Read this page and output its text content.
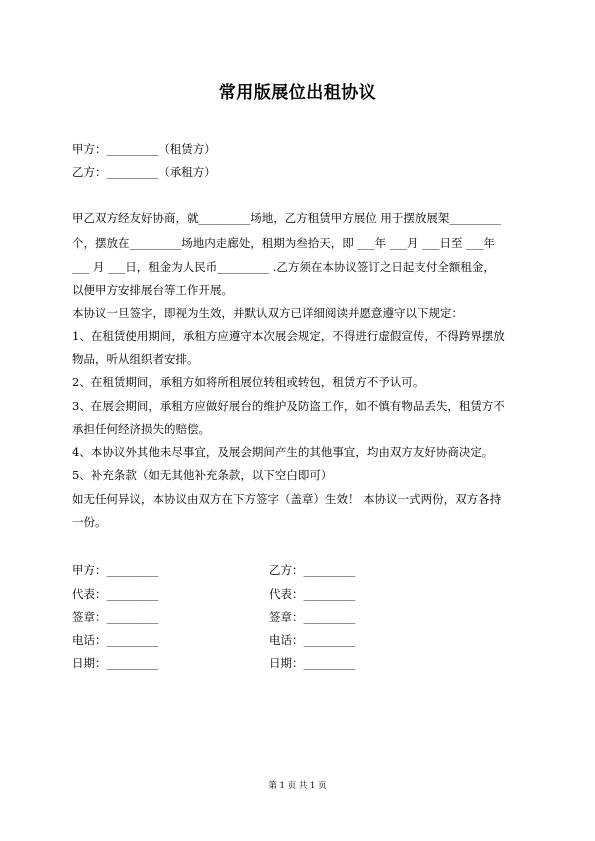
常用版展位出租协议
甲方：_________（租赁方）
乙方：_________（承租方）
甲乙双方经友好协商，就_________场地，乙方租赁甲方展位 用于摆放展架_________
个，摆放在_________场地内走廊处，租期为叁拾天，即 ___年 ___月 ___日至 ___年
___ 月 ___日，租金为人民币_________ .乙方须在本协议签订之日起支付全额租金，
以便甲方安排展台等工作开展。
本协议一旦签字，即视为生效，并默认双方已详细阅读并愿意遵守以下规定：
1、在租赁使用期间，承租方应遵守本次展会规定，不得进行虚假宣传，不得跨界摆放
物品，听从组织者安排。
2、在租赁期间，承租方如将所租展位转租或转包，租赁方不予认可。
3、在展会期间，承租方应做好展台的维护及防盗工作，如不慎有物品丢失，租赁方不
承担任何经济损失的赔偿。
4、本协议外其他未尽事宜，及展会期间产生的其他事宜，均由双方友好协商决定。
5、补充条款（如无其他补充条款，以下空白即可）
如无任何异议，本协议由双方在下方签字（盖章）生效！ 本协议一式两份，双方各持
一份。
甲方：_________
代表：_________
签章：_________
电话：_________
日期：_________
乙方：_________
代表：_________
签章：_________
电话：_________
日期：_________
第 1 页 共 1 页
